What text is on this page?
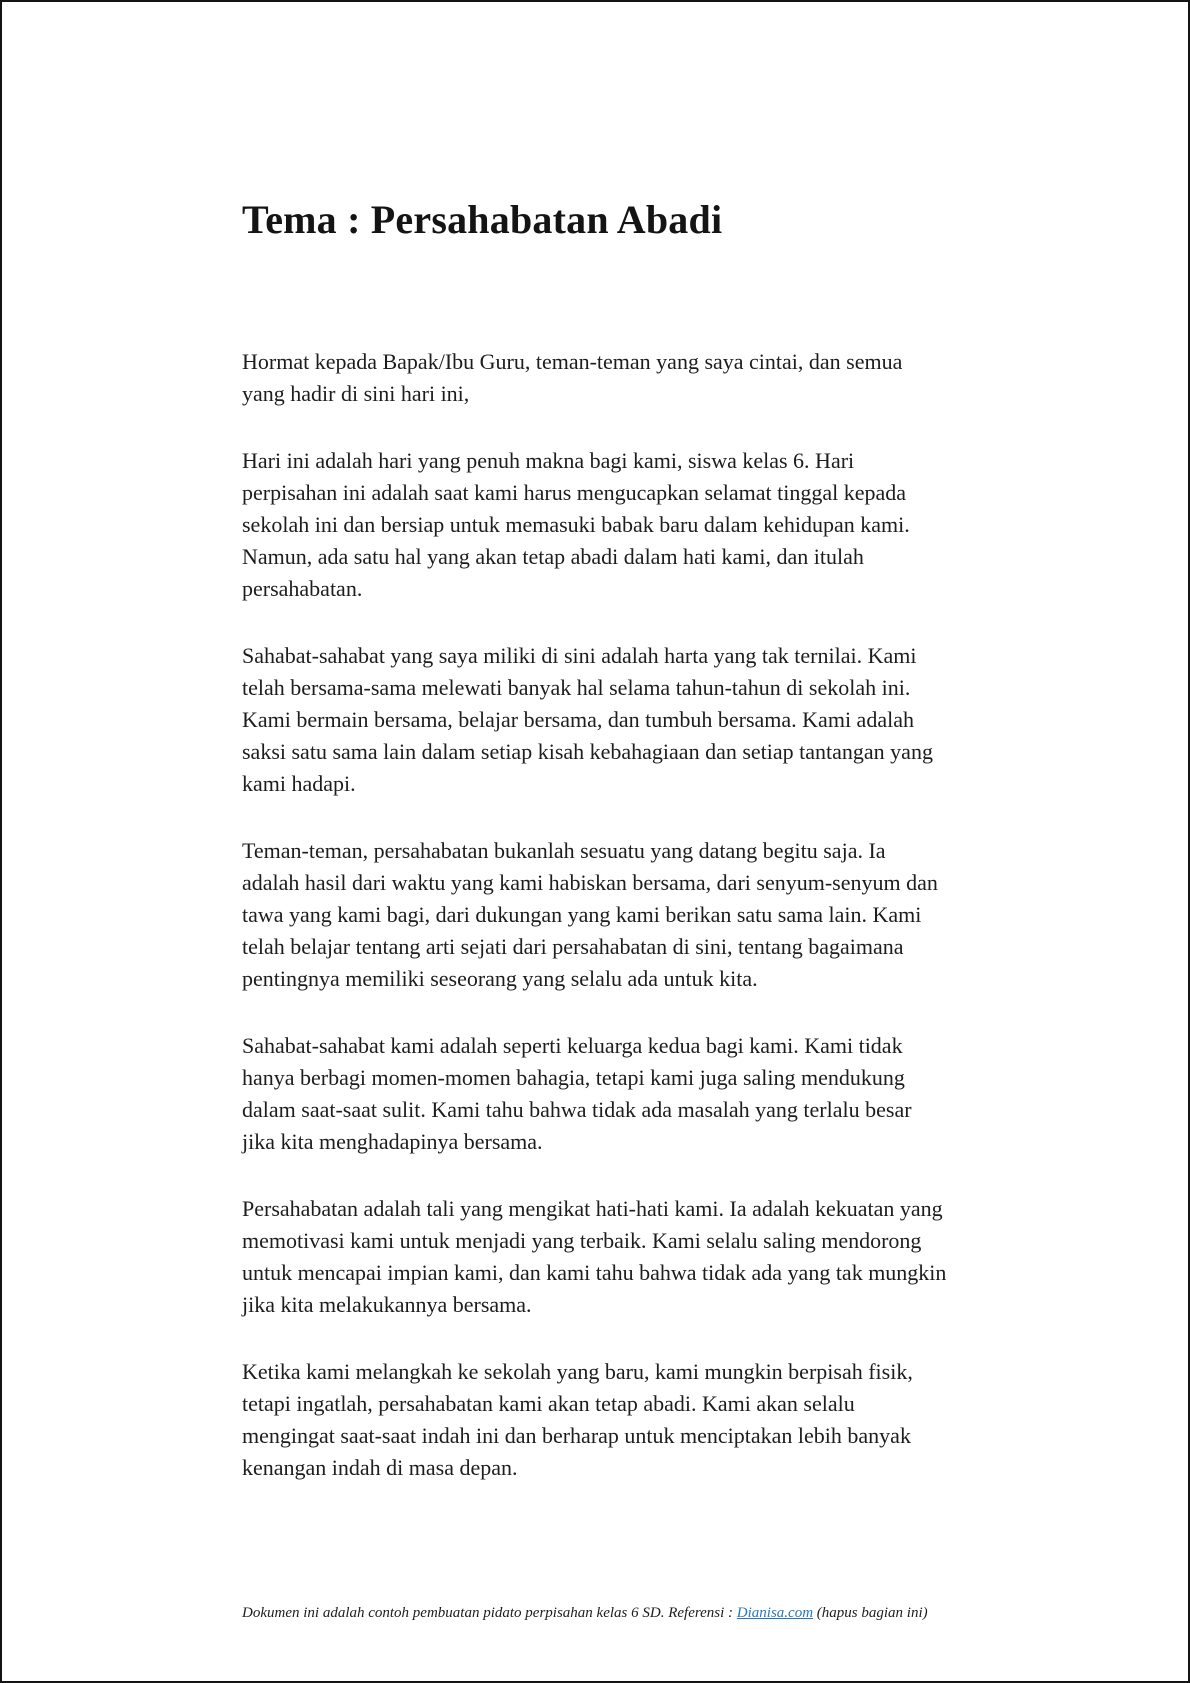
Tema : Persahabatan Abadi

Hormat kepada Bapak/Ibu Guru, teman-teman yang saya cintai, dan semua yang hadir di sini hari ini,

Hari ini adalah hari yang penuh makna bagi kami, siswa kelas 6. Hari perpisahan ini adalah saat kami harus mengucapkan selamat tinggal kepada sekolah ini dan bersiap untuk memasuki babak baru dalam kehidupan kami. Namun, ada satu hal yang akan tetap abadi dalam hati kami, dan itulah persahabatan.

Sahabat-sahabat yang saya miliki di sini adalah harta yang tak ternilai. Kami telah bersama-sama melewati banyak hal selama tahun-tahun di sekolah ini. Kami bermain bersama, belajar bersama, dan tumbuh bersama. Kami adalah saksi satu sama lain dalam setiap kisah kebahagiaan dan setiap tantangan yang kami hadapi.

Teman-teman, persahabatan bukanlah sesuatu yang datang begitu saja. Ia adalah hasil dari waktu yang kami habiskan bersama, dari senyum-senyum dan tawa yang kami bagi, dari dukungan yang kami berikan satu sama lain. Kami telah belajar tentang arti sejati dari persahabatan di sini, tentang bagaimana pentingnya memiliki seseorang yang selalu ada untuk kita.

Sahabat-sahabat kami adalah seperti keluarga kedua bagi kami. Kami tidak hanya berbagi momen-momen bahagia, tetapi kami juga saling mendukung dalam saat-saat sulit. Kami tahu bahwa tidak ada masalah yang terlalu besar jika kita menghadapinya bersama.

Persahabatan adalah tali yang mengikat hati-hati kami. Ia adalah kekuatan yang memotivasi kami untuk menjadi yang terbaik. Kami selalu saling mendorong untuk mencapai impian kami, dan kami tahu bahwa tidak ada yang tak mungkin jika kita melakukannya bersama.

Ketika kami melangkah ke sekolah yang baru, kami mungkin berpisah fisik, tetapi ingatlah, persahabatan kami akan tetap abadi. Kami akan selalu mengingat saat-saat indah ini dan berharap untuk menciptakan lebih banyak kenangan indah di masa depan.

Dokumen ini adalah contoh pembuatan pidato perpisahan kelas 6 SD. Referensi : Dianisa.com (hapus bagian ini)
